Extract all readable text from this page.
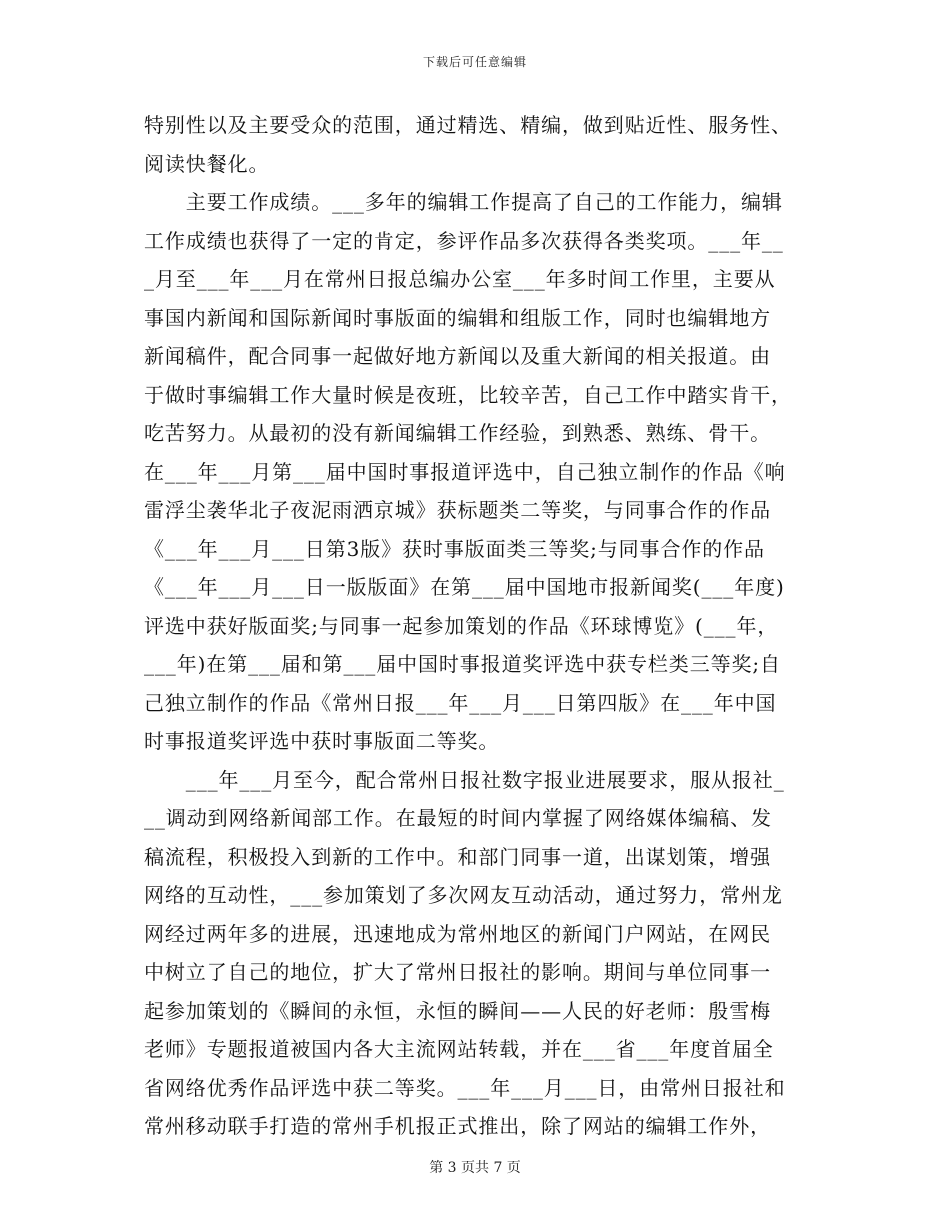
下载后可任意编辑
特别性以及主要受众的范围，通过精选、精编，做到贴近性、服务性、
阅读快餐化。
　　主要工作成绩。___多年的编辑工作提高了自己的工作能力，编辑
工作成绩也获得了一定的肯定，参评作品多次获得各类奖项。___年__
_月至___年___月在常州日报总编办公室___年多时间工作里，主要从
事国内新闻和国际新闻时事版面的编辑和组版工作，同时也编辑地方
新闻稿件，配合同事一起做好地方新闻以及重大新闻的相关报道。由
于做时事编辑工作大量时候是夜班，比较辛苦，自己工作中踏实肯干，
吃苦努力。从最初的没有新闻编辑工作经验，到熟悉、熟练、骨干。
在___年___月第___届中国时事报道评选中，自己独立制作的作品《响
雷浮尘袭华北子夜泥雨洒京城》获标题类二等奖，与同事合作的作品
《___年___月___日第3版》获时事版面类三等奖;与同事合作的作品
《___年___月___日一版版面》在第___届中国地市报新闻奖(___年度)
评选中获好版面奖;与同事一起参加策划的作品《环球博览》(___年，
___年)在第___届和第___届中国时事报道奖评选中获专栏类三等奖;自
己独立制作的作品《常州日报___年___月___日第四版》在___年中国
时事报道奖评选中获时事版面二等奖。
　　___年___月至今，配合常州日报社数字报业进展要求，服从报社_
__调动到网络新闻部工作。在最短的时间内掌握了网络媒体编稿、发
稿流程，积极投入到新的工作中。和部门同事一道，出谋划策，增强
网络的互动性，___参加策划了多次网友互动活动，通过努力，常州龙
网经过两年多的进展，迅速地成为常州地区的新闻门户网站，在网民
中树立了自己的地位，扩大了常州日报社的影响。期间与单位同事一
起参加策划的《瞬间的永恒，永恒的瞬间——人民的好老师：殷雪梅
老师》专题报道被国内各大主流网站转载，并在___省___年度首届全
省网络优秀作品评选中获二等奖。___年___月___日，由常州日报社和
常州移动联手打造的常州手机报正式推出，除了网站的编辑工作外，
第 3 页共 7 页
